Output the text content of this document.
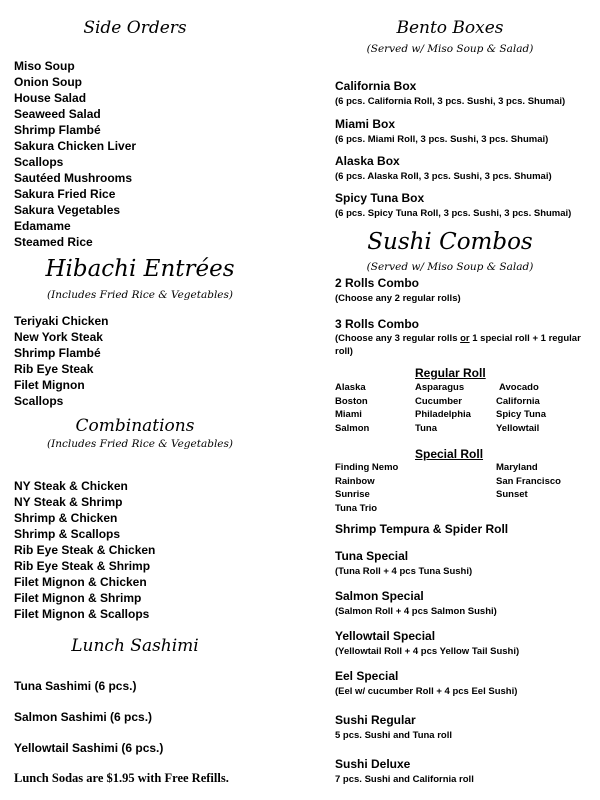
Side Orders
Miso Soup
Onion Soup
House Salad
Seaweed Salad
Shrimp Flambé
Sakura Chicken Liver
Scallops
Sautéed Mushrooms
Sakura Fried Rice
Sakura Vegetables
Edamame
Steamed Rice
Hibachi Entrées
(Includes Fried Rice & Vegetables)
Teriyaki Chicken
New York Steak
Shrimp Flambé
Rib Eye Steak
Filet Mignon
Scallops
Combinations
(Includes Fried Rice & Vegetables)
NY Steak & Chicken
NY Steak & Shrimp
Shrimp & Chicken
Shrimp & Scallops
Rib Eye Steak & Chicken
Rib Eye Steak & Shrimp
Filet Mignon & Chicken
Filet Mignon & Shrimp
Filet Mignon & Scallops
Lunch Sashimi
Tuna Sashimi (6 pcs.)
Salmon Sashimi (6 pcs.)
Yellowtail Sashimi (6 pcs.)
Lunch Sodas are $1.95 with Free Refills.
Bento Boxes
(Served w/ Miso Soup & Salad)
California Box
(6 pcs. California Roll, 3 pcs. Sushi, 3 pcs. Shumai)
Miami Box
(6 pcs. Miami Roll, 3 pcs. Sushi, 3 pcs. Shumai)
Alaska Box
(6 pcs. Alaska Roll, 3 pcs. Sushi, 3 pcs. Shumai)
Spicy Tuna Box
(6 pcs. Spicy Tuna Roll, 3 pcs. Sushi, 3 pcs. Shumai)
Sushi Combos
(Served w/ Miso Soup & Salad)
2 Rolls Combo
(Choose any 2 regular rolls)
3 Rolls Combo
(Choose any 3 regular rolls or 1 special roll + 1 regular
roll)
Regular Roll
Alaska
Boston
Miami
Salmon
Asparagus
Cucumber
Philadelphia
Tuna
Avocado
California
Spicy Tuna
Yellowtail
Special Roll
Finding Nemo
Rainbow
Sunrise
Tuna Trio
Maryland
San Francisco
Sunset
Shrimp Tempura & Spider Roll
Tuna Special
(Tuna Roll + 4 pcs Tuna Sushi)
Salmon Special
(Salmon Roll + 4 pcs Salmon Sushi)
Yellowtail Special
(Yellowtail Roll + 4 pcs Yellow Tail Sushi)
Eel Special
(Eel w/ cucumber Roll + 4 pcs Eel Sushi)
Sushi Regular
5 pcs. Sushi and Tuna roll
Sushi Deluxe
7 pcs. Sushi and California roll
